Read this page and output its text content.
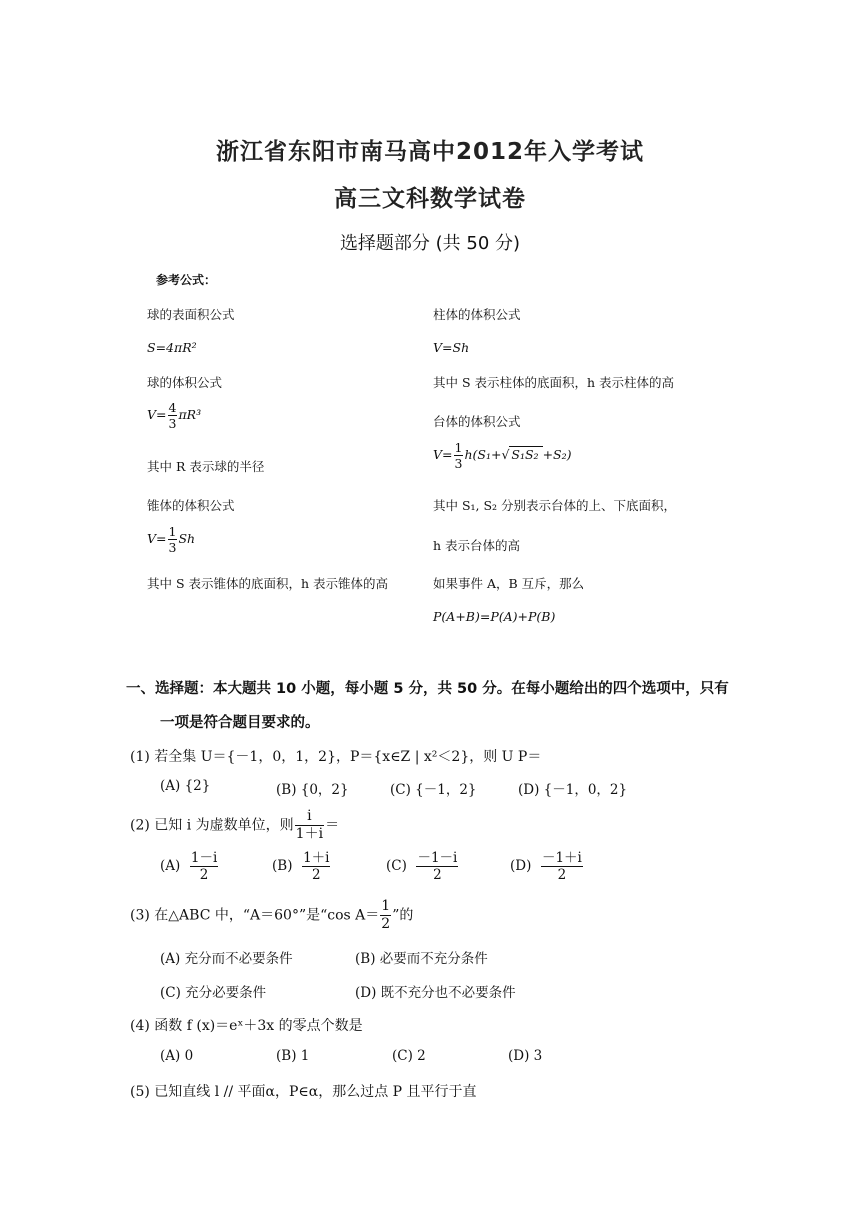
浙江省东阳市南马高中2012年入学考试
高三文科数学试卷
选择题部分 (共 50 分)
参考公式：
球的表面积公式
S=4πR²
球的体积公式
$V= \frac{4}{3} \pi R^3$
其中 R 表示球的半径
锥体的体积公式
$V= \frac{1}{3}$ Sh
其中 S 表示锥体的底面积，h 表示锥体的高
柱体的体积公式
V=Sh
其中 S 表示柱体的底面积，h 表示柱体的高
台体的体积公式
$V= \frac{1}{3} h(S_1+√$ S₁S₂ +S₂)
其中 S₁, S₂ 分别表示台体的上、下底面积，
h 表示台体的高
如果事件 A，B 互斥，那么
P(A+B)=P(A)+P(B)
一、选择题：本大题共 10 小题，每小题 5 分，共 50 分。在每小题给出的四个选项中，只有
一项是符合题目要求的。
(1) 若全集 U＝{－1，0，1，2}，P＝{x∈Z | x²＜2}，则 U P＝
(A) {2}	(B) {0，2}	(C) {－1，2}	(D) {－1，0，2}
(2) 已知 i 为虚数单位，则 $\frac{i}{1+i}$ ＝
$(A) \frac{1-i}{2}$	$(B) \frac{1+i}{2}$	$(C) \frac{-1-i}{2}$	$(D) \frac{-1+i}{2}$
(3) 在△ABC 中，“A＝60°”是“cos $A= \frac{1}{2}$ ”的
(A) 充分而不必要条件	(B) 必要而不充分条件
(C) 充分必要条件	(D) 既不充分也不必要条件
(4) 函数 f (x)＝eˣ＋3x 的零点个数是
(A) 0	(B) 1	(C) 2	(D) 3
(5) 已知直线 l // 平面α，P∈α，那么过点 P 且平行于直
